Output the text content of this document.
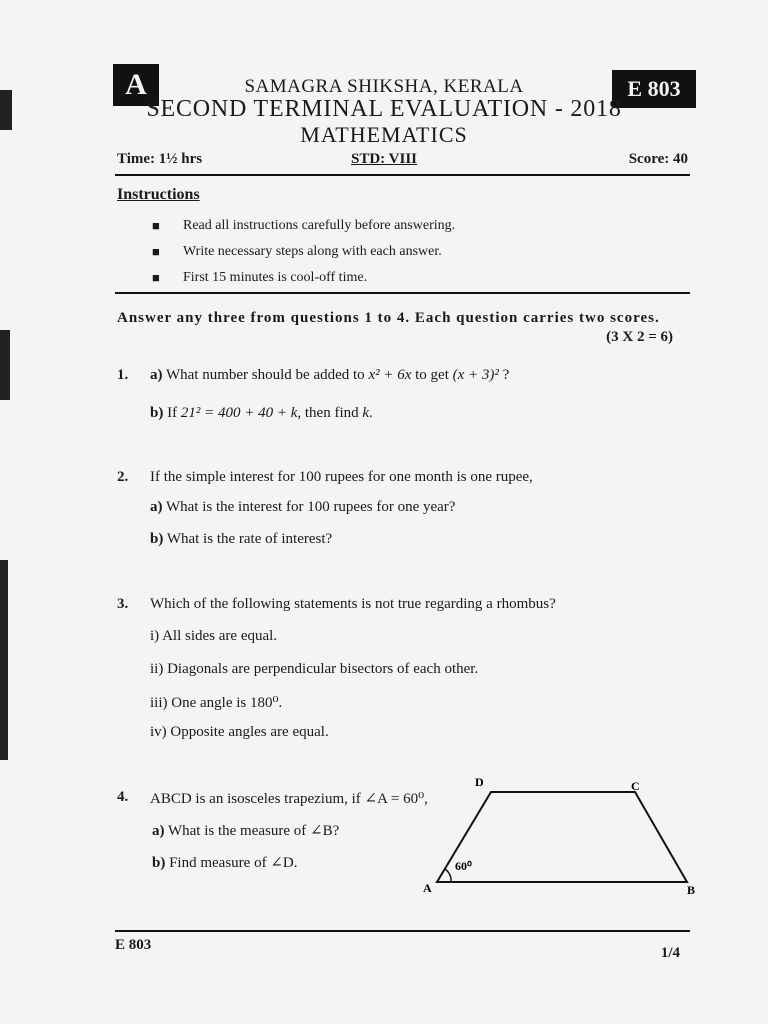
A	E 803
SAMAGRA SHIKSHA, KERALA
SECOND TERMINAL EVALUATION - 2018
MATHEMATICS
Time: 1½ hrs	STD: VIII	Score: 40
Instructions
■ Read all instructions carefully before answering.
■ Write necessary steps along with each answer.
■ First 15 minutes is cool-off time.
Answer any three from questions 1 to 4. Each question carries two scores.
(3 X 2 = 6)
1. a) What number should be added to x² + 6x to get (x + 3)² ?
b) If 21² = 400 + 40 + k, then find k.
2. If the simple interest for 100 rupees for one month is one rupee,
a) What is the interest for 100 rupees for one year?
b) What is the rate of interest?
3. Which of the following statements is not true regarding a rhombus?
i) All sides are equal.
ii) Diagonals are perpendicular bisectors of each other.
iii) One angle is 180⁰.
iv) Opposite angles are equal.
4. ABCD is an isosceles trapezium, if ∠A = 60⁰,
a) What is the measure of ∠B?
b) Find measure of ∠D.	60⁰
A	B
C
D
E 803	1/4
